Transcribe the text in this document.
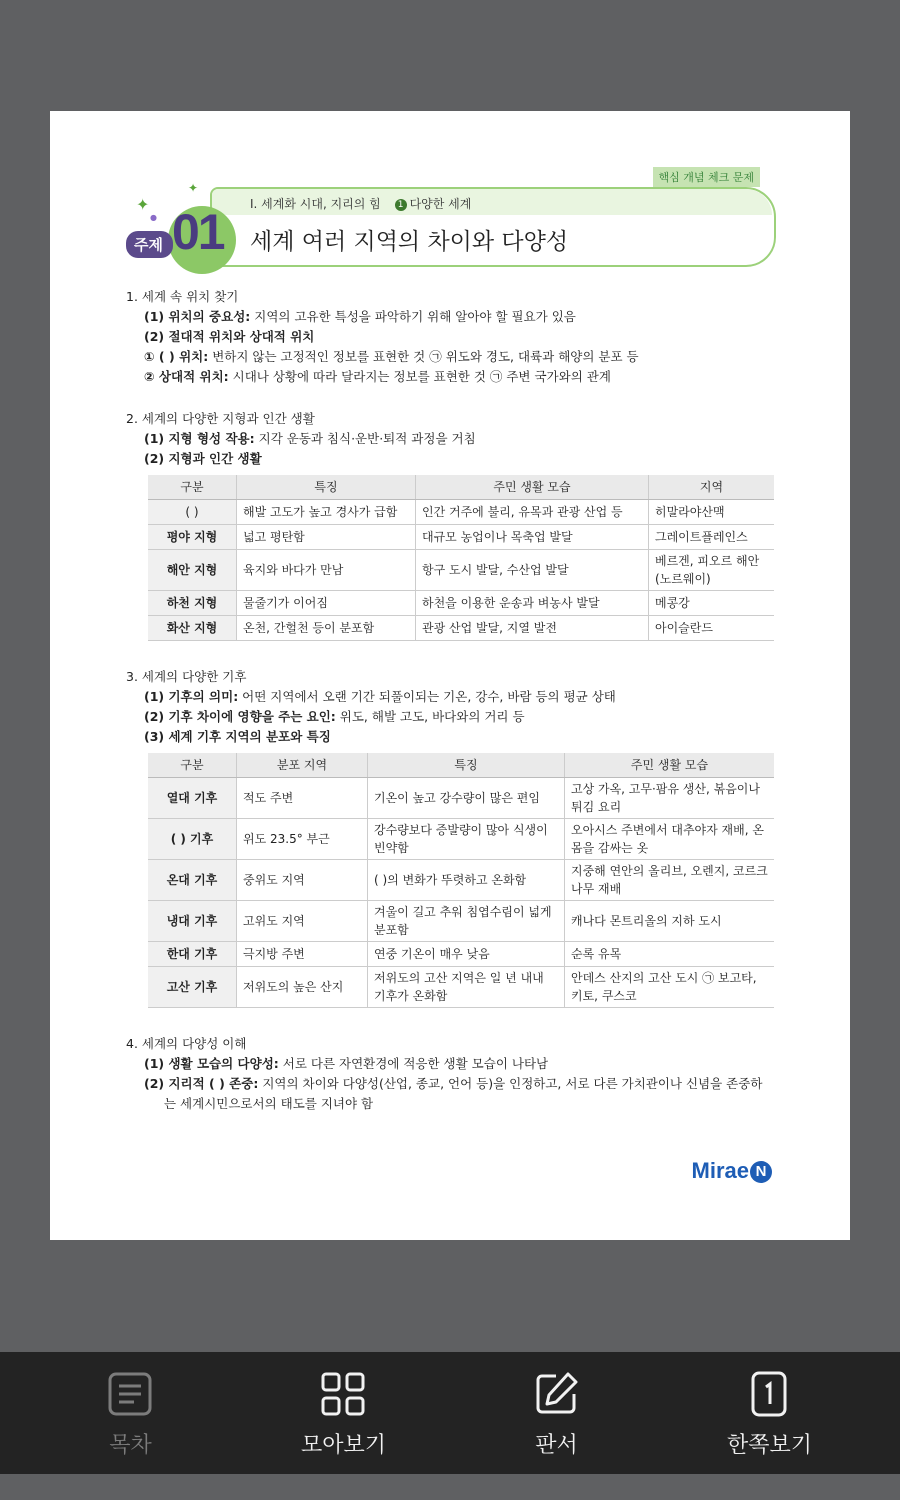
핵심 개념 체크 문제
✦
✦
●
주제 01 Ⅰ. 세계화 시대, 지리의 힘 1 다양한 세계
세계 여러 지역의 차이와 다양성
1. 세계 속 위치 찾기
(1) 위치의 중요성: 지역의 고유한 특성을 파악하기 위해 알아야 할 필요가 있음
(2) 절대적 위치와 상대적 위치
① ( ) 위치: 변하지 않는 고정적인 정보를 표현한 것 ㉠ 위도와 경도, 대륙과 해양의 분포 등
② 상대적 위치: 시대나 상황에 따라 달라지는 정보를 표현한 것 ㉠ 주변 국가와의 관계
2. 세계의 다양한 지형과 인간 생활
(1) 지형 형성 작용: 지각 운동과 침식·운반·퇴적 과정을 거침
(2) 지형과 인간 생활
구분	특징	주민 생활 모습	지역
( )	해발 고도가 높고 경사가 급함	인간 거주에 불리, 유목과 관광 산업 등	히말라야산맥
평야 지형	넓고 평탄함	대규모 농업이나 목축업 발달	그레이트플레인스
해안 지형	육지와 바다가 만남	항구 도시 발달, 수산업 발달	베르겐, 피오르 해안 (노르웨이)
하천 지형	물줄기가 이어짐	하천을 이용한 운송과 벼농사 발달	메콩강
화산 지형	온천, 간헐천 등이 분포함	관광 산업 발달, 지열 발전	아이슬란드
3. 세계의 다양한 기후
(1) 기후의 의미: 어떤 지역에서 오랜 기간 되풀이되는 기온, 강수, 바람 등의 평균 상태
(2) 기후 차이에 영향을 주는 요인: 위도, 해발 고도, 바다와의 거리 등
(3) 세계 기후 지역의 분포와 특징
구분	분포 지역	특징	주민 생활 모습
열대 기후	적도 주변	기온이 높고 강수량이 많은 편임	고상 가옥, 고무·팜유 생산, 볶음이나 튀김 요리
( ) 기후	위도 23.5° 부근	강수량보다 증발량이 많아 식생이 빈약함	오아시스 주변에서 대추야자 재배, 온몸을 감싸는 옷
온대 기후	중위도 지역	( )의 변화가 뚜렷하고 온화함	지중해 연안의 올리브, 오렌지, 코르크나무 재배
냉대 기후	고위도 지역	겨울이 길고 추워 침엽수림이 넓게 분포함	캐나다 몬트리올의 지하 도시
한대 기후	극지방 주변	연중 기온이 매우 낮음	순록 유목
고산 기후	저위도의 높은 산지	저위도의 고산 지역은 일 년 내내 기후가 온화함	안데스 산지의 고산 도시 ㉠ 보고타, 키토, 쿠스코
4. 세계의 다양성 이해
(1) 생활 모습의 다양성: 서로 다른 자연환경에 적응한 생활 모습이 나타남
(2) 지리적 ( ) 존중: 지역의 차이와 다양성(산업, 종교, 언어 등)을 인정하고, 서로 다른 가치관이나 신념을 존중하는 세계시민으로서의 태도를 지녀야 함
Mirae N
목차	모아보기	판서	한쪽보기
